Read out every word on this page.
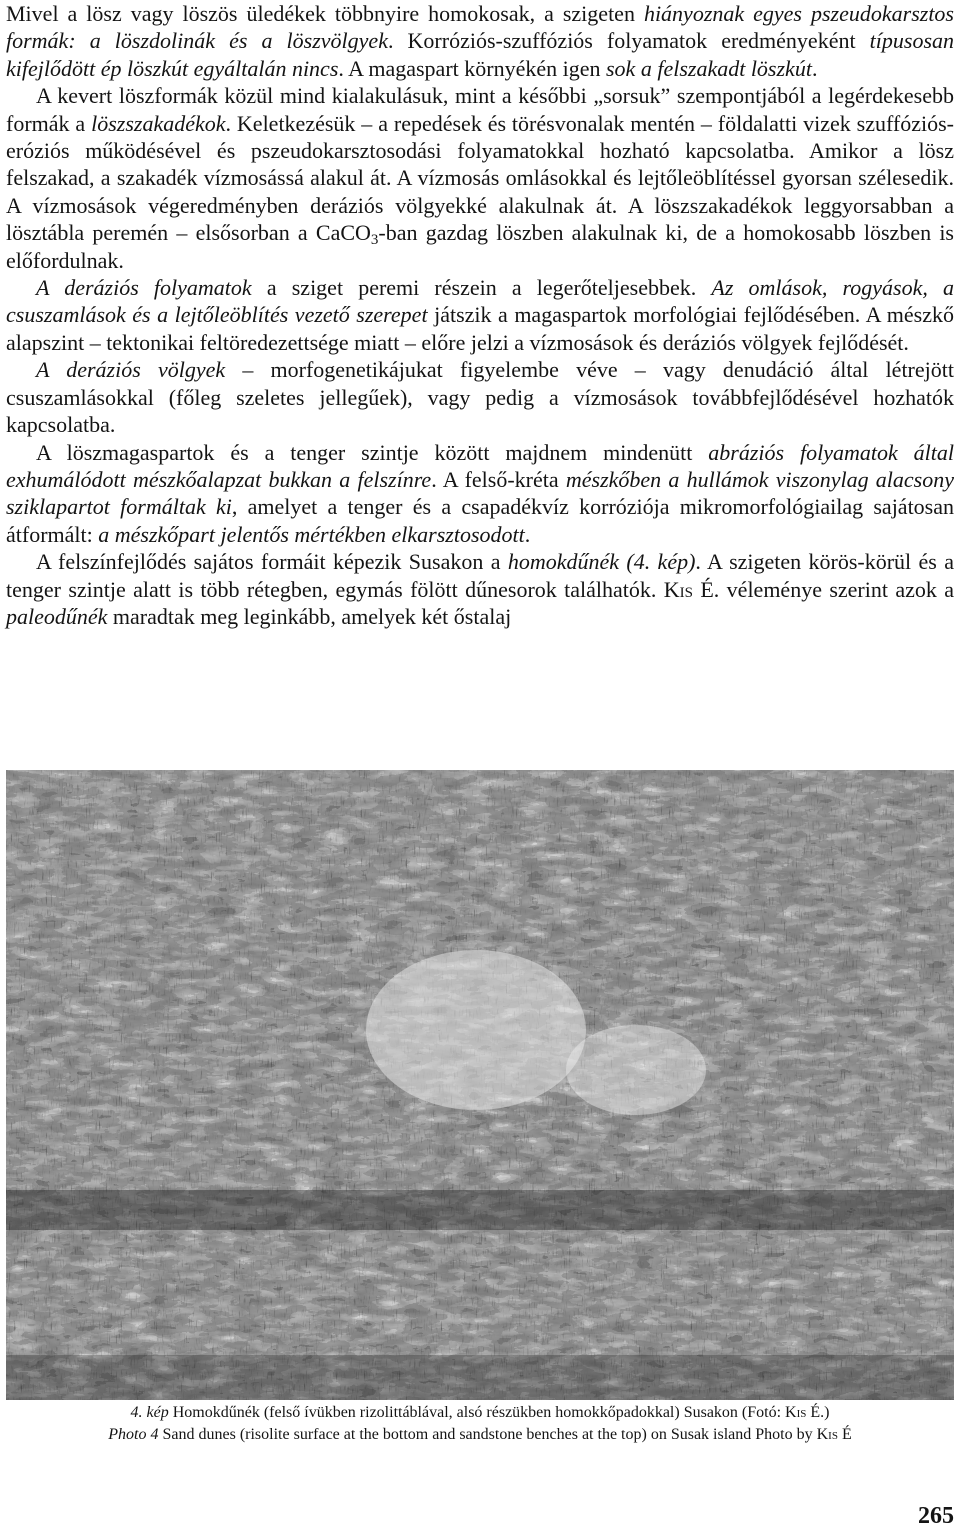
Mivel a lösz vagy löszös üledékek többnyire homokosak, a szigeten hiányoznak egyes pszeudokarsztos formák: a löszdolinák és a löszvölgyek. Korróziós-szuffóziós folyamatok eredményeként típusosan kifejlődött ép löszkút egyáltalán nincs. A magaspart környékén igen sok a felszakadt löszkút.

A kevert löszformák közül mind kialakulásuk, mint a későbbi „sorsuk” szempontjából a legérdekesebb formák a löszszakadékok. Keletkezésük – a repedések és törésvonalak mentén – földalatti vizek szuffóziós-eróziós működésével és pszeudokarsztosodási folyamatokkal hozható kapcsolatba. Amikor a lösz felszakad, a szakadék vízmosássá alakul át. A vízmosás omlásokkal és lejtőleöblítéssel gyorsan szélesedik. A vízmosások végeredményben deráziós völgyekké alakulnak át. A löszszakadékok leggyorsabban a lösztábla peremén – elsősorban a CaCO$_3$-ban gazdag löszben alakulnak ki, de a homokosabb löszben is előfordulnak.

A deráziós folyamatok a sziget peremi részein a legerőteljesebbek. Az omlások, rogyások, a csuszamlások és a lejtőleöblítés vezető szerepet játszik a magaspartok morfológiai fejlődésében. A mészkő alapszint – tektonikai feltöredezettsége miatt – előre jelzi a vízmosások és deráziós völgyek fejlődését.

A deráziós völgyek – morfogenetikájukat figyelembe véve – vagy denudáció által létrejött csuszamlásokkal (főleg szeletes jellegűek), vagy pedig a vízmosások továbbfejlődésével hozhatók kapcsolatba.

A löszmagaspartok és a tenger szintje között majdnem mindenütt abráziós folyamatok által exhumálódott mészkőalapzat bukkan a felszínre. A felső-kréta mészkőben a hullámok viszonylag alacsony sziklapartot formáltak ki, amelyet a tenger és a csapadékvíz korróziója mikromorfológiailag sajátosan átformált: a mészkőpart jelentős mértékben elkarsztosodott.

A felszínfejlődés sajátos formáit képezik Susakon a homokdűnék (4. kép). A szigeten körös-körül és a tenger szintje alatt is több rétegben, egymás fölött dűnesorok találhatók. Kis É. véleménye szerint azok a paleodűnék maradtak meg leginkább, amelyek két őstalaj

4. kép Homokdűnék (felső ívükben rizolittáblával, alsó részükben homokkőpadokkal) Susakon (Fotó: Kis É.)
Photo 4 Sand dunes (risolite surface at the bottom and sandstone benches at the top) on Susak island Photo by Kis É
265
